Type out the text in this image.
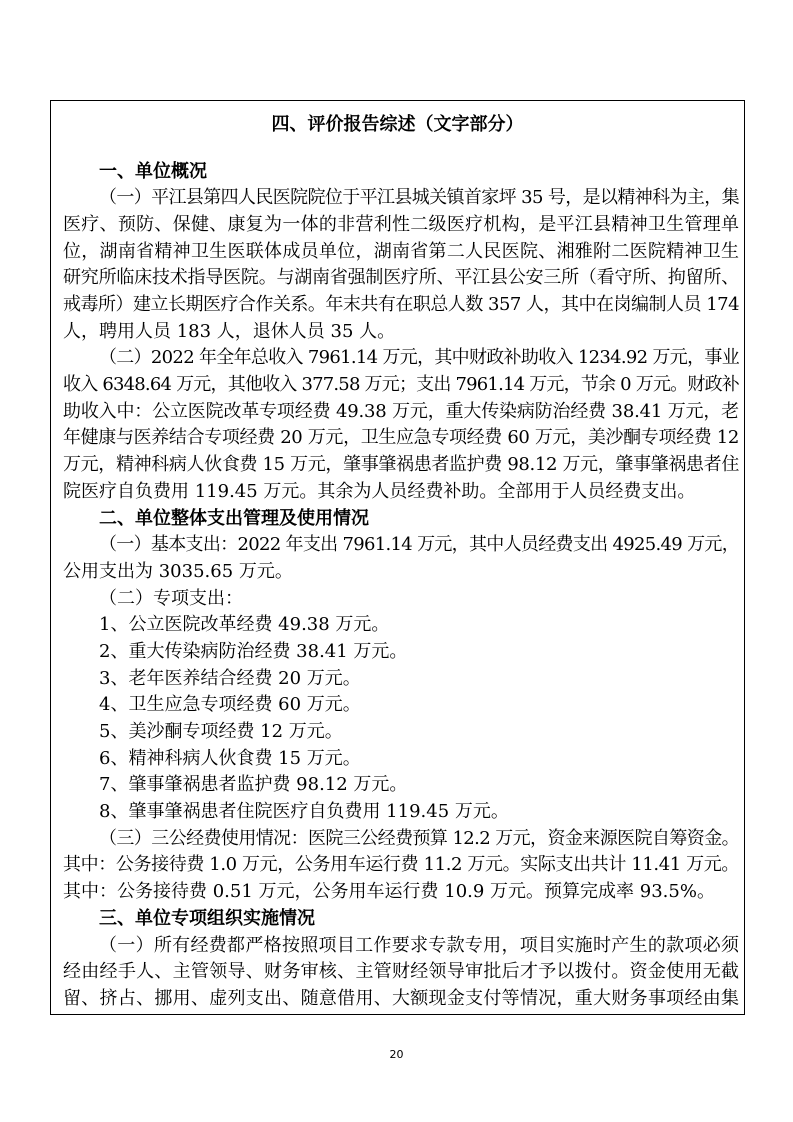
四、评价报告综述（文字部分）
一、单位概况
（一）平江县第四人民医院院位于平江县城关镇首家坪 35 号，是以精神科为主，集
医疗、预防、保健、康复为一体的非营利性二级医疗机构，是平江县精神卫生管理单
位，湖南省精神卫生医联体成员单位，湖南省第二人民医院、湘雅附二医院精神卫生
研究所临床技术指导医院。与湖南省强制医疗所、平江县公安三所（看守所、拘留所、
戒毒所）建立长期医疗合作关系。年末共有在职总人数 357 人，其中在岗编制人员 174
人，聘用人员 183 人，退休人员 35 人。
（二）2022 年全年总收入 7961.14 万元，其中财政补助收入 1234.92 万元，事业
收入 6348.64 万元，其他收入 377.58 万元；支出 7961.14 万元，节余 0 万元。财政补
助收入中：公立医院改革专项经费 49.38 万元，重大传染病防治经费 38.41 万元，老
年健康与医养结合专项经费 20 万元，卫生应急专项经费 60 万元，美沙酮专项经费 12
万元，精神科病人伙食费 15 万元，肇事肇祸患者监护费 98.12 万元，肇事肇祸患者住
院医疗自负费用 119.45 万元。其余为人员经费补助。全部用于人员经费支出。
二、单位整体支出管理及使用情况
（一）基本支出：2022 年支出 7961.14 万元，其中人员经费支出 4925.49 万元，
公用支出为 3035.65 万元。
（二）专项支出：
1、公立医院改革经费 49.38 万元。
2、重大传染病防治经费 38.41 万元。
3、老年医养结合经费 20 万元。
4、卫生应急专项经费 60 万元。
5、美沙酮专项经费 12 万元。
6、精神科病人伙食费 15 万元。
7、肇事肇祸患者监护费 98.12 万元。
8、肇事肇祸患者住院医疗自负费用 119.45 万元。
（三）三公经费使用情况：医院三公经费预算 12.2 万元，资金来源医院自筹资金。
其中：公务接待费 1.0 万元，公务用车运行费 11.2 万元。实际支出共计 11.41 万元。
其中：公务接待费 0.51 万元，公务用车运行费 10.9 万元。预算完成率 93.5%。
三、单位专项组织实施情况
（一）所有经费都严格按照项目工作要求专款专用，项目实施时产生的款项必须
经由经手人、主管领导、财务审核、主管财经领导审批后才予以拨付。资金使用无截
留、挤占、挪用、虚列支出、随意借用、大额现金支付等情况，重大财务事项经由集
20
